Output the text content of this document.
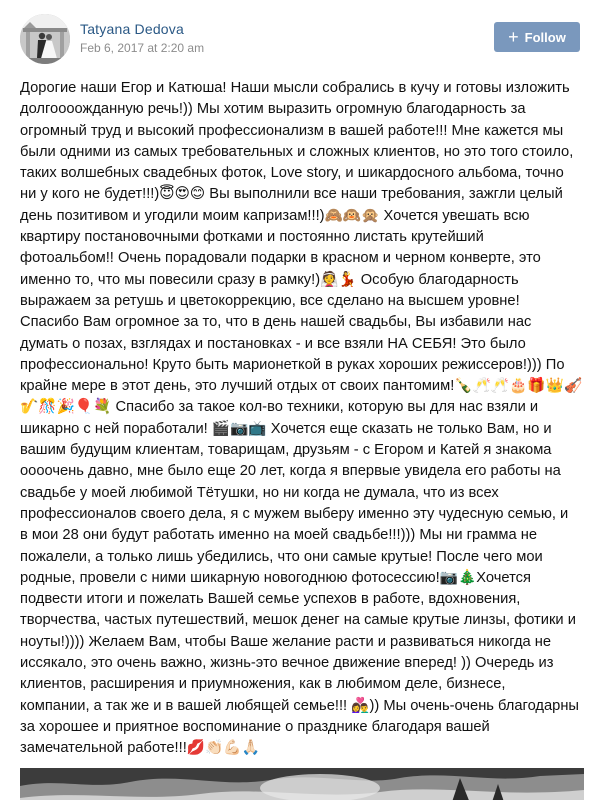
Tatyana Dedova
Feb 6, 2017 at 2:20 am
+ Follow
Дорогие наши Егор и Катюша! Наши мысли собрались в кучу и готовы изложить
долгоооожданную речь!)) Мы хотим выразить огромную благодарность за
огромный труд и высокий профессионализм в вашей работе!!! Мне кажется мы
были одними из самых требовательных и сложных клиентов, но это того стоило,
таких волшебных свадебных фоток, Love story, и шикардосного альбома, точно
ни у кого не будет!!!)😇😍😊 Вы выполнили все наши требования, зажгли целый
день позитивом и угодили моим капризам!!!)🙈🙉🙊 Хочется увешать всю
квартиру постановочными фотками и постоянно листать крутейший
фотоальбом!! Очень порадовали подарки в красном и черном конверте, это
именно то, что мы повесили сразу в рамку!)👰💃 Особую благодарность
выражаем за ретушь и цветокоррекцию, все сделано на высшем уровне!
Спасибо Вам огромное за то, что в день нашей свадьбы, Вы избавили нас
думать о позах, взглядах и постановках - и все взяли НА СЕБЯ! Это было
профессионально! Круто быть марионеткой в руках хороших режиссеров!))) По
крайне мере в этот день, это лучший отдых от своих пантомим!🍾🥂🥂🎂🎁👑🎻
🎷🎊🎉🎈💐 Спасибо за такое кол-во техники, которую вы для нас взяли и
шикарно с ней поработали! 🎬📷📺 Хочется еще сказать не только Вам, но и
вашим будущим клиентам, товарищам, друзьям - с Егором и Катей я знакома
оооочень давно, мне было еще 20 лет, когда я впервые увидела его работы на
свадьбе у моей любимой Тётушки, но ни когда не думала, что из всех
профессионалов своего дела, я с мужем выберу именно эту чудесную семью, и
в мои 28 они будут работать именно на моей свадьбе!!!))) Мы ни грамма не
пожалели, а только лишь убедились, что они самые крутые! После чего мои
родные, провели с ними шикарную новогоднюю фотосессию!📷🎄Хочется
подвести итоги и пожелать Вашей семье успехов в работе, вдохновения,
творчества, частых путешествий, мешок денег на самые крутые линзы, фотики и
ноуты!)))) Желаем Вам, чтобы Ваше желание расти и развиваться никогда не
иссякало, это очень важно, жизнь-это вечное движение вперед! )) Очередь из
клиентов, расширения и приумножения, как в любимом деле, бизнесе,
компании, а так же и в вашей любящей семье!!! 👩‍❤️‍👨)) Мы очень-очень благодарны
за хорошее и приятное воспоминание о празднике благодаря вашей
замечательной работе!!!💋👏🏻💪🏻🙏🏻
